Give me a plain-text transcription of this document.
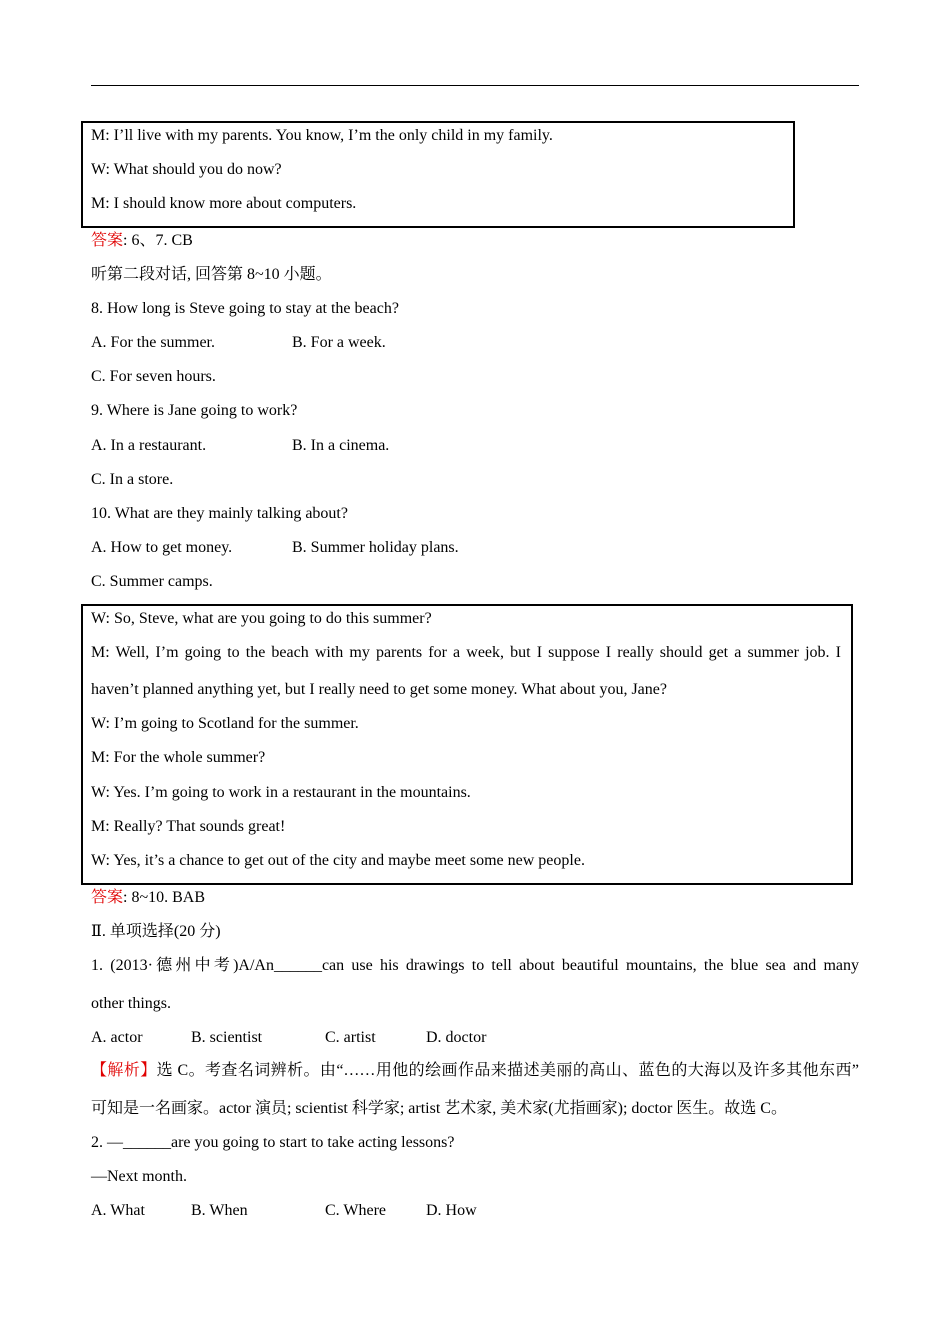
M: I’ll live with my parents. You know, I’m the only child in my family.
W: What should you do now?
M: I should know more about computers.
答案: 6、7. CB
听第二段对话, 回答第 8~10 小题。
8. How long is Steve going to stay at the beach?
A. For the summer.	B. For a week.
C. For seven hours.
9. Where is Jane going to work?
A. In a restaurant.	B. In a cinema.
C. In a store.
10. What are they mainly talking about?
A. How to get money.	B. Summer holiday plans.
C. Summer camps.
W: So, Steve, what are you going to do this summer?
M: Well, I’m going to the beach with my parents for a week, but I suppose I really should get a summer job. I
haven’t planned anything yet, but I really need to get some money. What about you, Jane?
W: I’m going to Scotland for the summer.
M: For the whole summer?
W: Yes. I’m going to work in a restaurant in the mountains.
M: Really? That sounds great!
W: Yes, it’s a chance to get out of the city and maybe meet some new people.
答案: 8~10. BAB
Ⅱ. 单项选择(20 分)
1. (2013·德州中考)A/An______can use his drawings to tell about beautiful mountains, the blue sea and many
other things.
A. actor	B. scientist	C. artist	D. doctor
【解析】选 C。考查名词辨析。由“……用他的绘画作品来描述美丽的高山、蓝色的大海以及许多其他东西”
可知是一名画家。actor 演员; scientist 科学家; artist 艺术家, 美术家(尤指画家); doctor 医生。故选 C。
2. —______are you going to start to take acting lessons?
—Next month.
A. What	B. When	C. Where D. How
